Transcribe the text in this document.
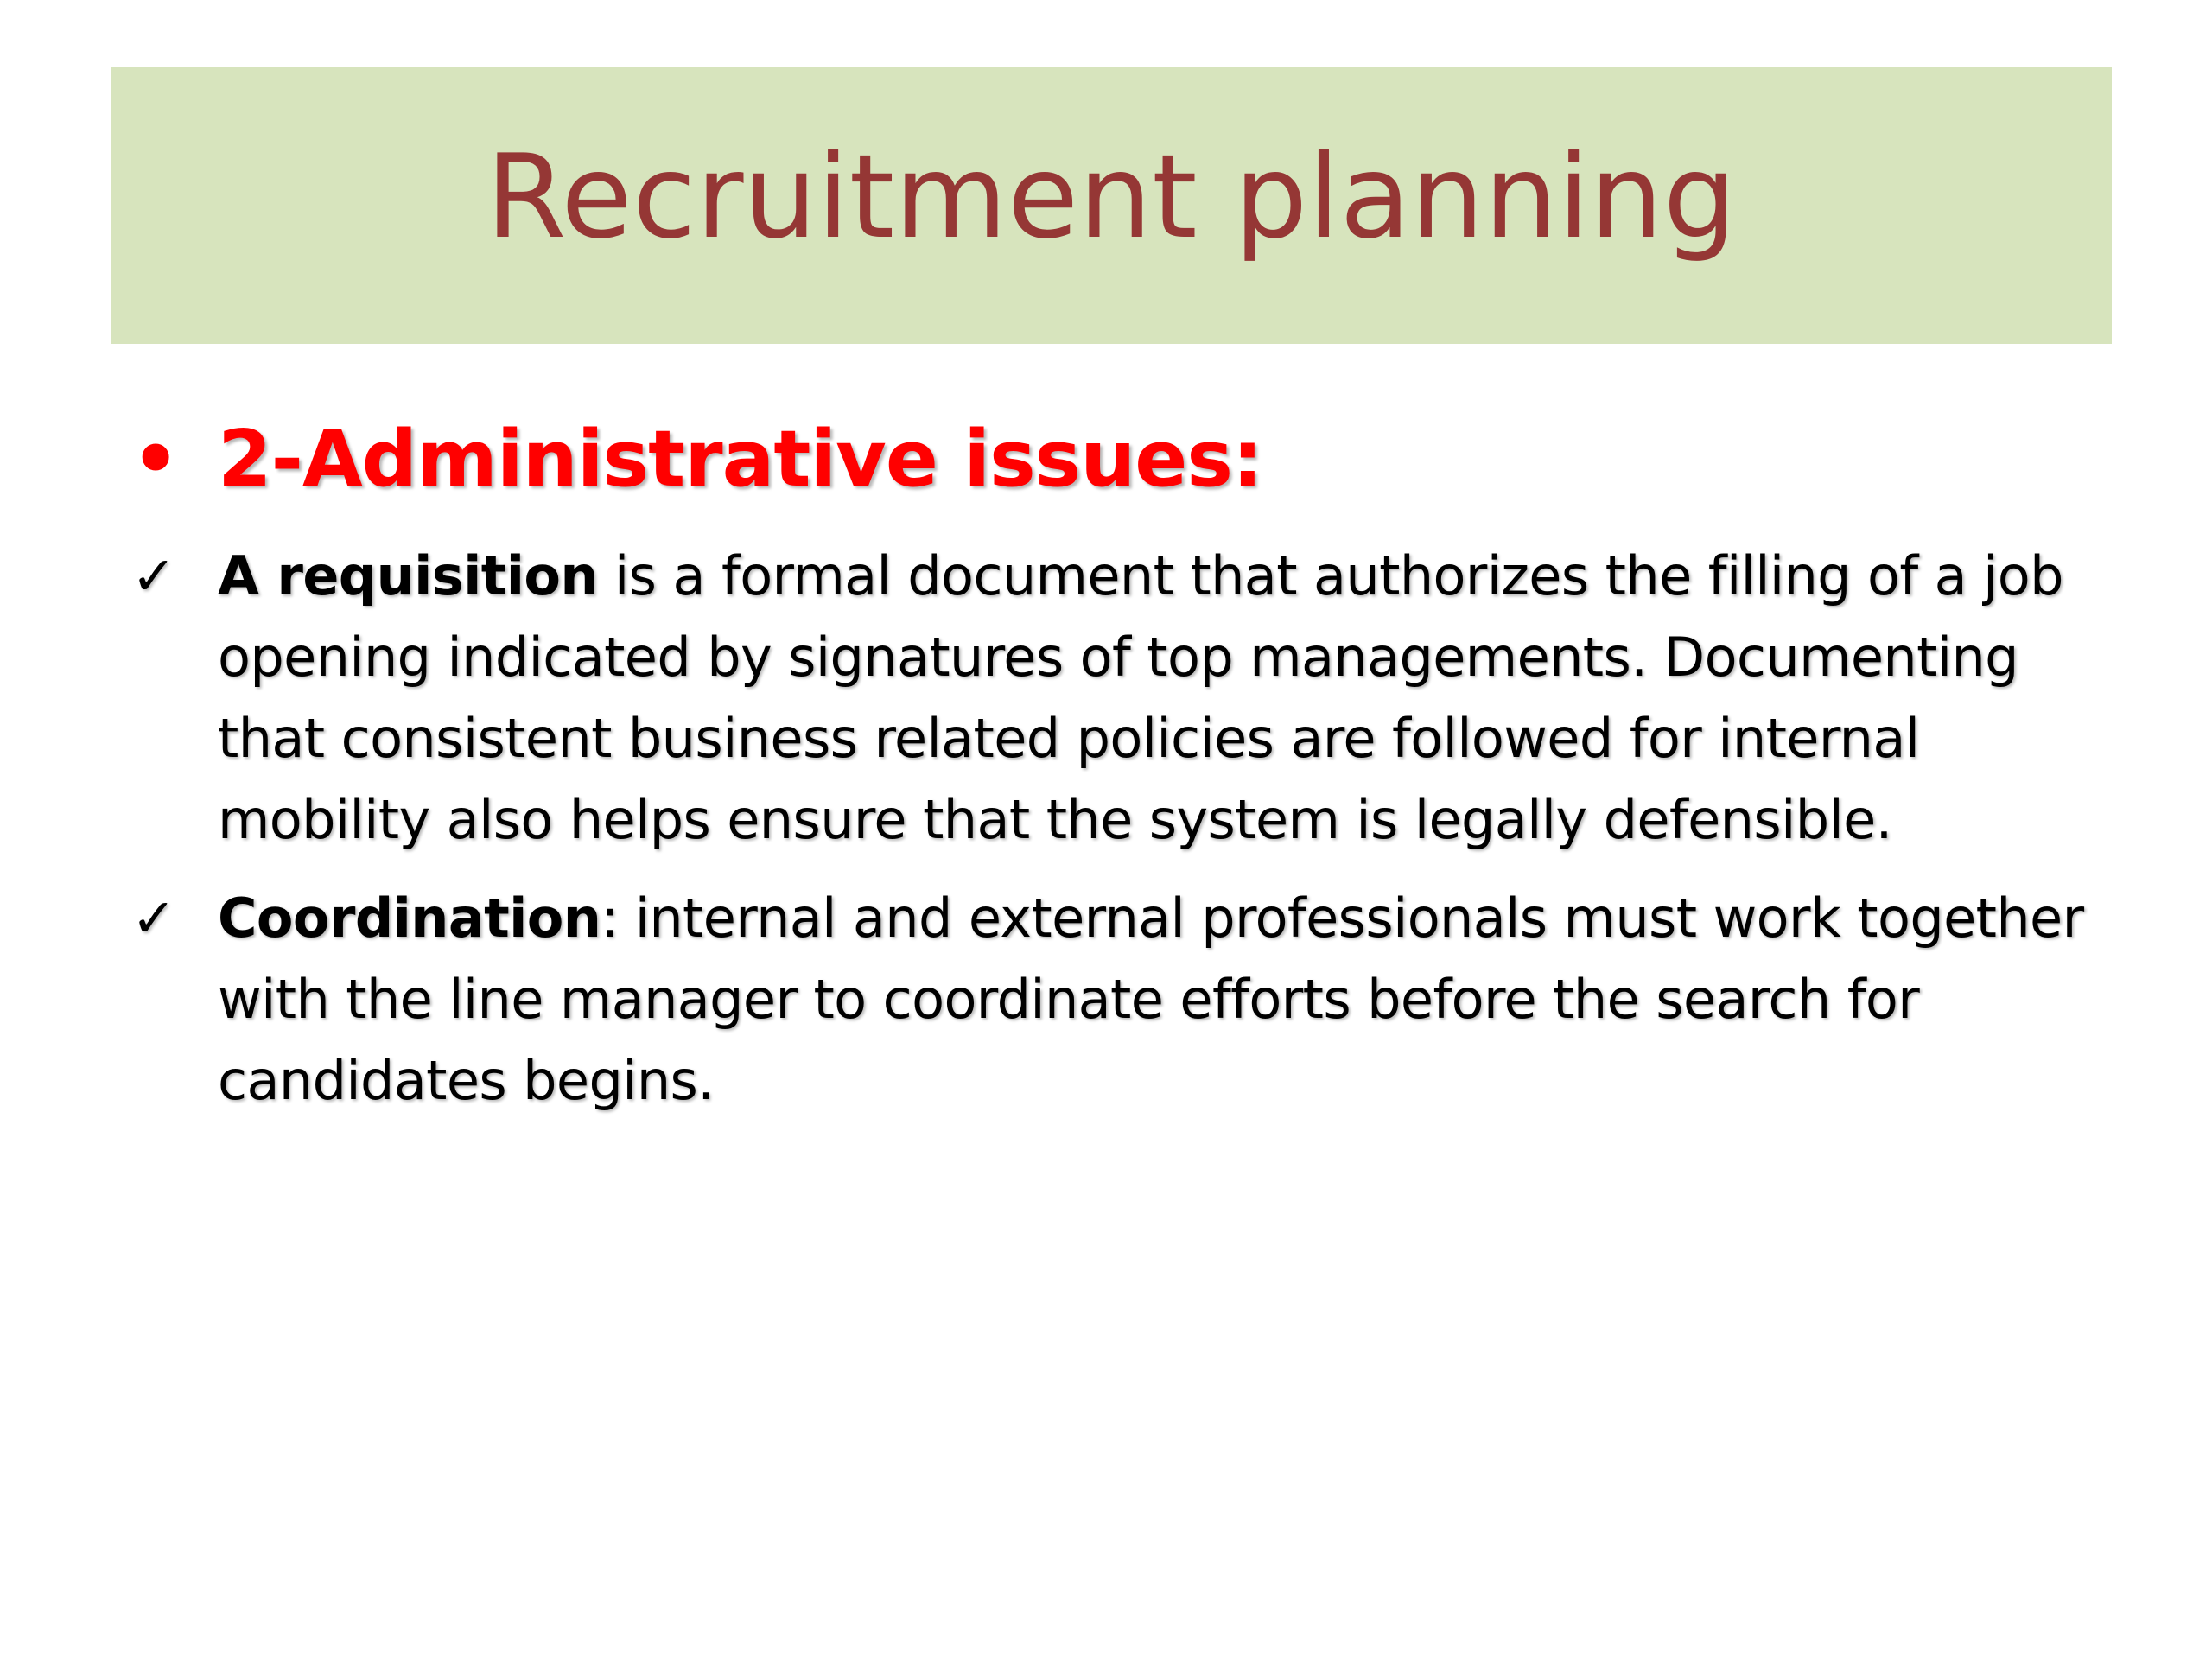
Recruitment planning
• 2-Administrative issues:
✓ A requisition is a formal document that authorizes the filling of a job opening indicated by signatures of top managements. Documenting that consistent business related policies are followed for internal mobility also helps ensure that the system is legally defensible.
✓ Coordination: internal and external professionals must work together with the line manager to coordinate efforts before the search for candidates begins.
